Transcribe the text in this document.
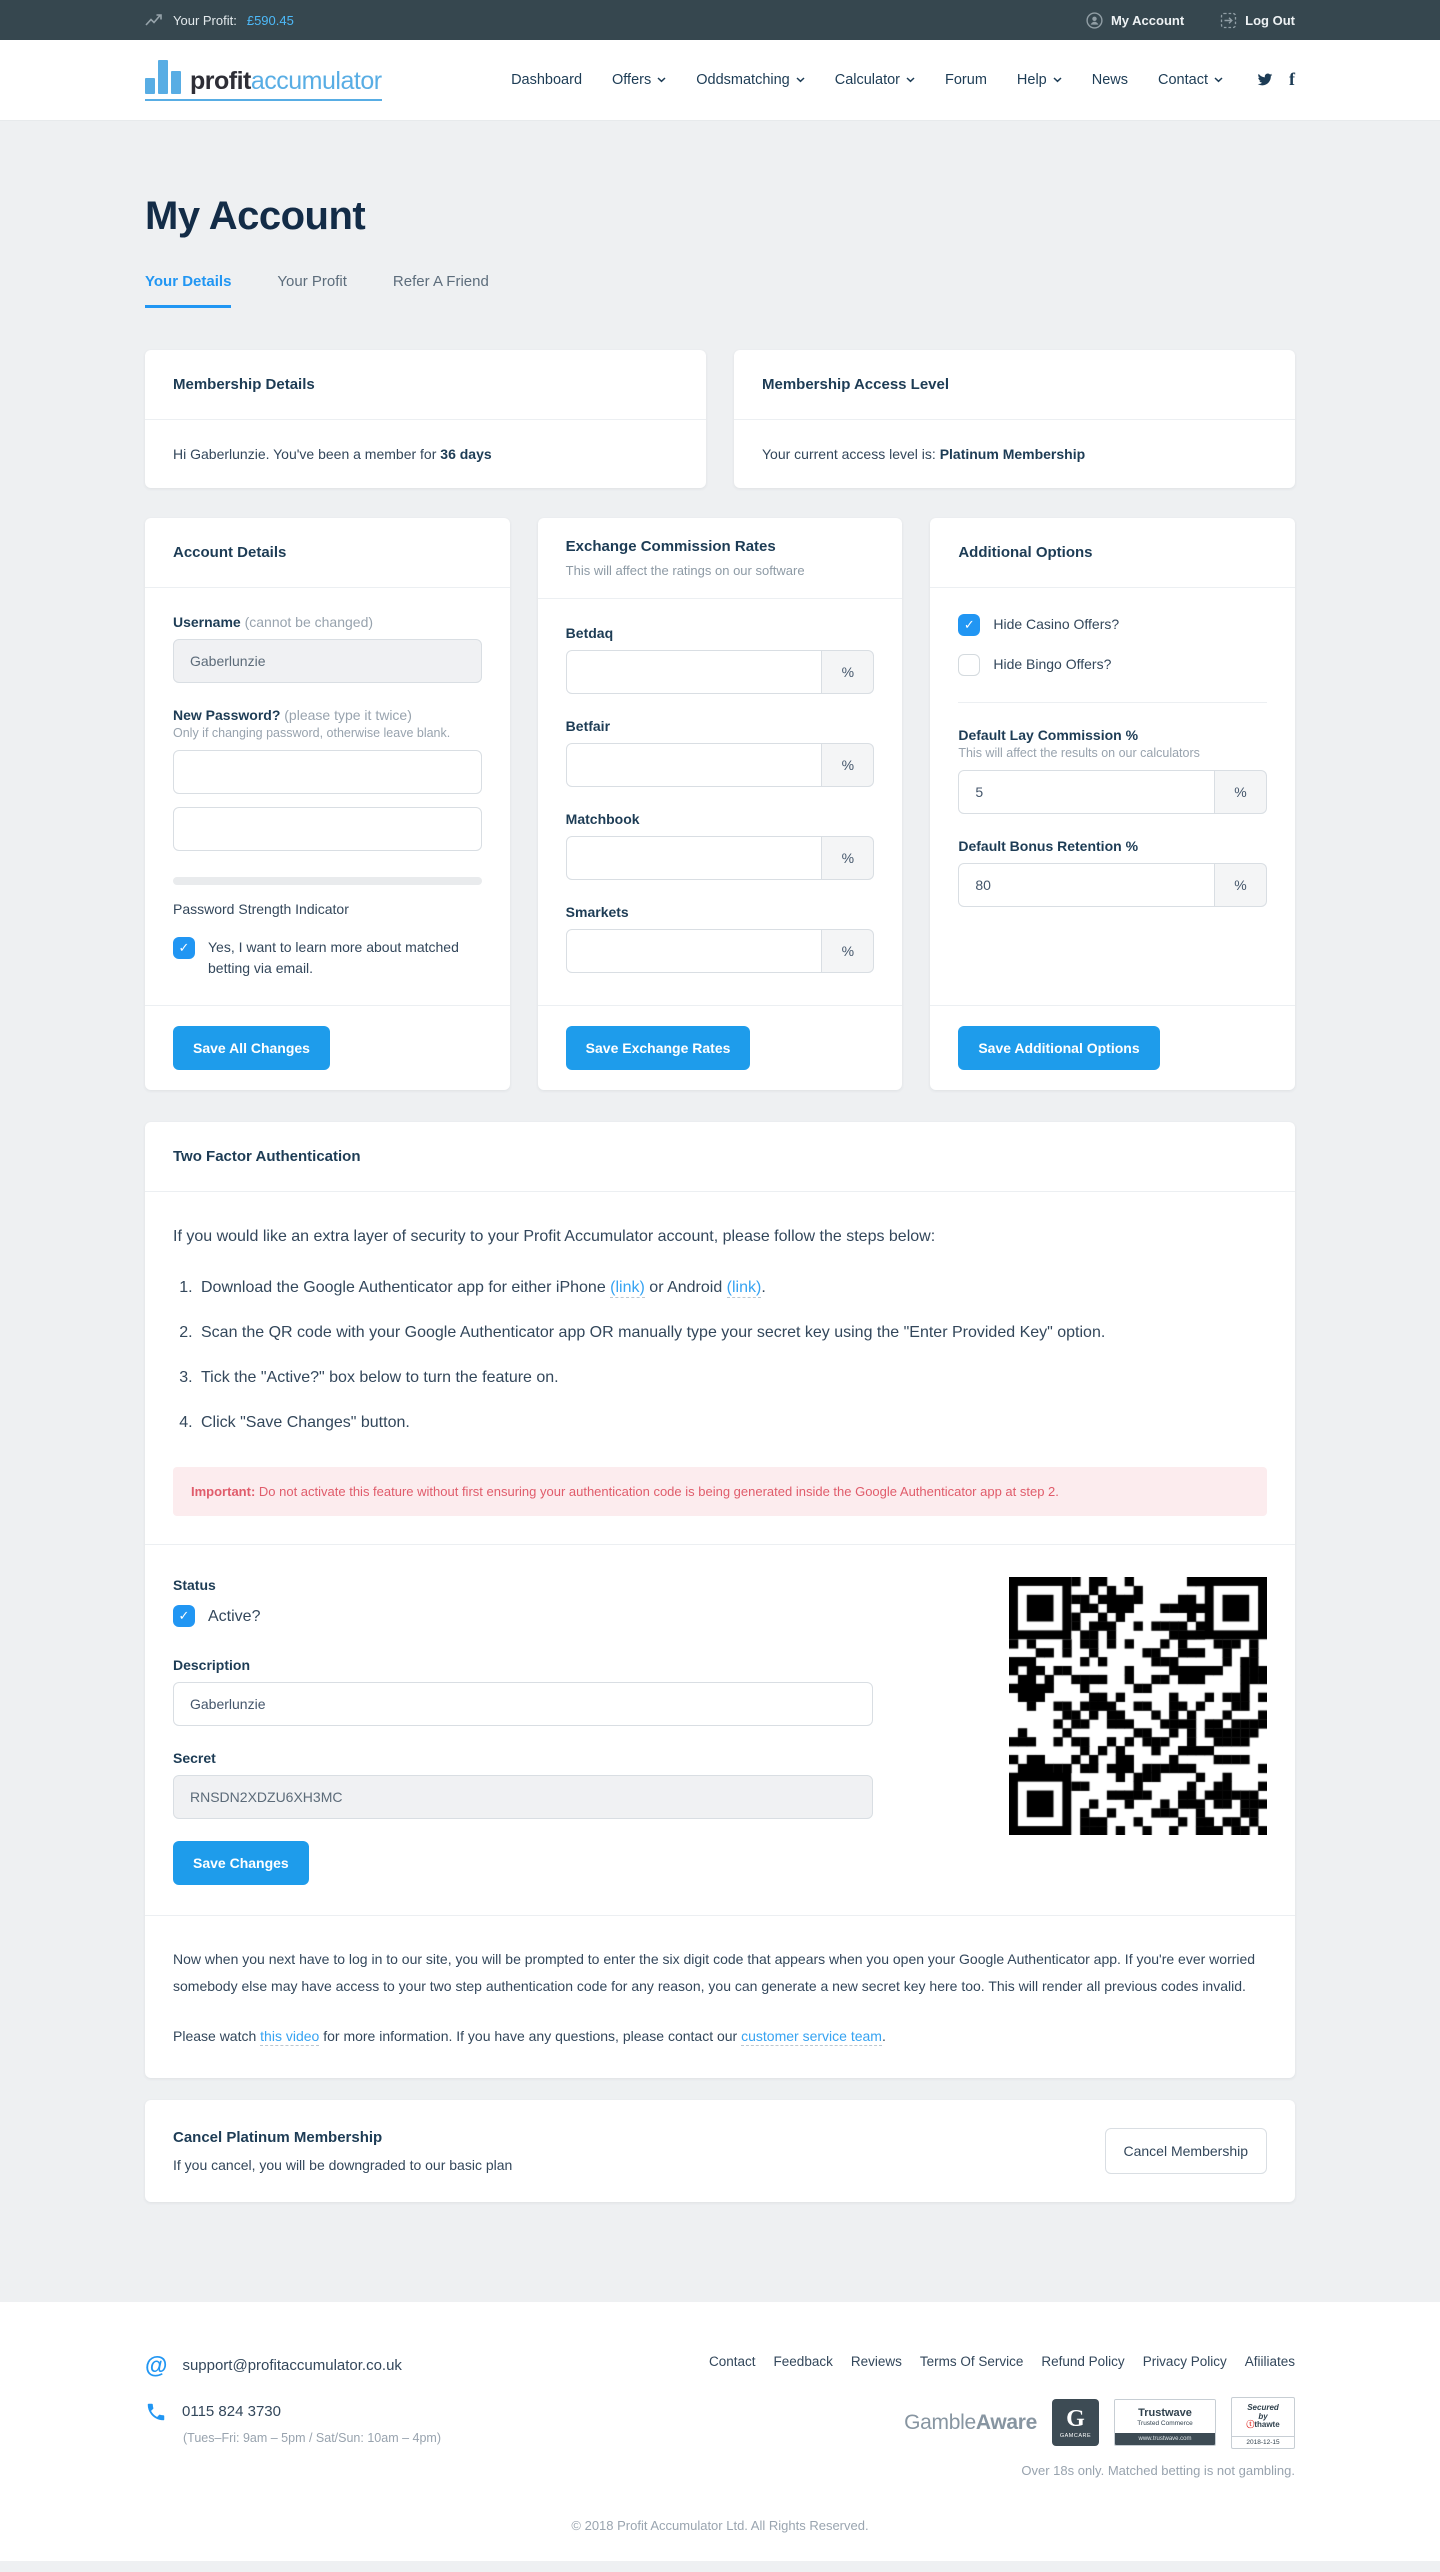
Your Profit: £590.45	My Account	Log Out
profitaccumulator	Dashboard Offers	Oddsmatching	Calculator	Forum Help	News Contact	f
My Account
Your Details	Your Profit	Refer A Friend
Membership Details
Hi Gaberlunzie. You've been a member for 36 days
Membership Access Level
Your current access level is: Platinum Membership
Account Details
Username (cannot be changed)
Gaberlunzie
New Password? (please type it twice)
Only if changing password, otherwise leave blank.

Password Strength Indicator
✓	Yes, I want to learn more about matched betting via email.
Save All Changes
Exchange Commission Rates
This will affect the ratings on our software
Betdaq
%
Betfair
%
Matchbook
%
Smarkets
%
Save Exchange Rates
Additional Options
✓	Hide Casino Offers?
Hide Bingo Offers?
Default Lay Commission %
This will affect the results on our calculators
5
%
Default Bonus Retention %
80
%
Save Additional Options
Two Factor Authentication

If you would like an extra layer of security to your Profit Accumulator account, please follow the steps below:

1. Download the Google Authenticator app for either iPhone (link) or Android (link).
2. Scan the QR code with your Google Authenticator app OR manually type your secret key using the "Enter Provided Key" option.
3. Tick the "Active?" box below to turn the feature on.
4. Click "Save Changes" button.
Important: Do not activate this feature without first ensuring your authentication code is being generated inside the Google Authenticator app at step 2.
Status
✓	Active?
Description
Gaberlunzie
Secret
RNSDN2XDZU6XH3MC
Save Changes

Now when you next have to log in to our site, you will be prompted to enter the six digit code that appears when you open your Google Authenticator app. If you're ever worried somebody else may have access to your two step authentication code for any reason, you can generate a new secret key here too. This will render all previous codes invalid.

Please watch this video for more information. If you have any questions, please contact our customer service team.

Cancel Platinum Membership
If you cancel, you will be downgraded to our basic plan
Cancel Membership
@ support@profitaccumulator.co.uk
0115 824 3730
(Tues–Fri: 9am – 5pm / Sat/Sun: 10am – 4pm)
Contact Feedback Reviews Terms Of Service Refund Policy Privacy Policy Afiiliates
GambleAware G
GAMCARE
Trustwave
Trusted Commerce
www.trustwave.com
Secured
by
ⓣthawte
2018-12-15
Over 18s only. Matched betting is not gambling.
© 2018 Profit Accumulator Ltd. All Rights Reserved.
